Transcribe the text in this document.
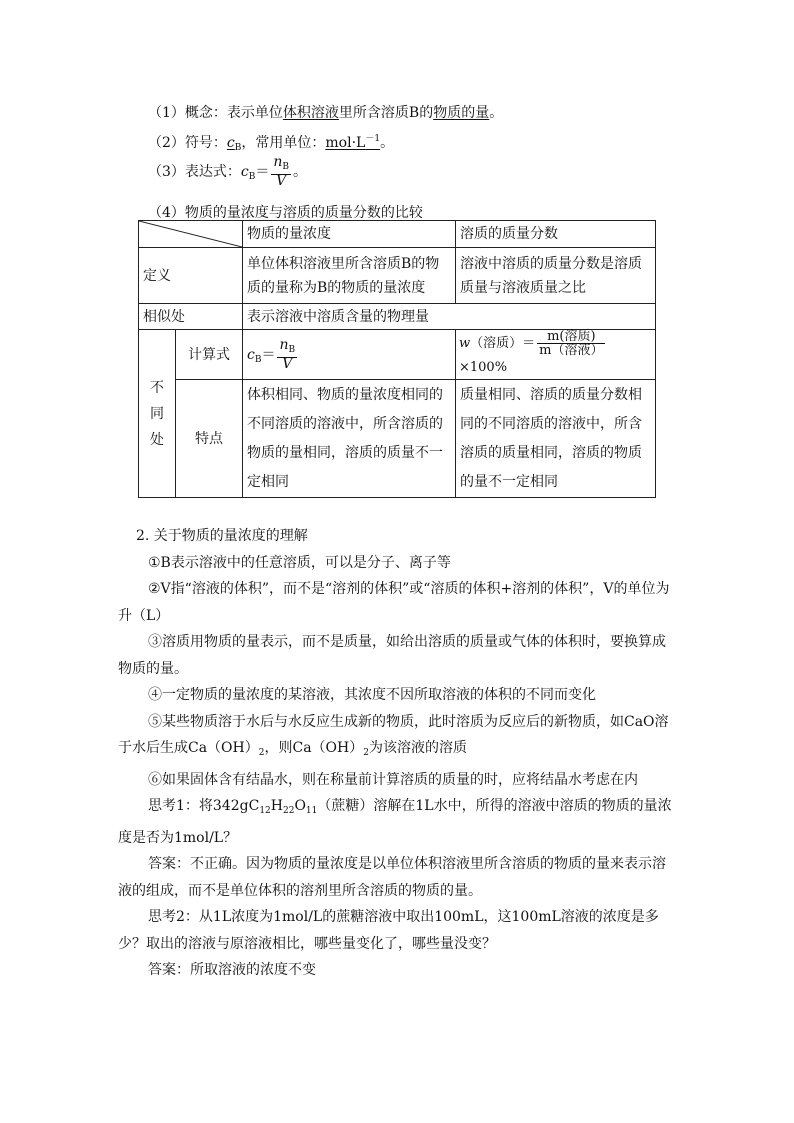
（1）概念：表示单位体积溶液里所含溶质B的物质的量。
（2）符号：$c_B$，常用单位：$mol\cdot L^{-1}$。
（3）表达式：$c_B= \frac{n_B}{V}$ 。
（4）物质的量浓度与溶质的质量分数的比较
	物质的量浓度	溶质的质量分数
定义		单位体积溶液里所含溶质B的物质的量称为B的物质的量浓度	溶液中溶质的质量分数是溶质质量与溶液质量之比
相似处		表示溶液中溶质含量的物理量	
不同处	计算式	$c_B= \frac{n_B}{V}$	w（溶质）＝ $\frac{\text{m(溶质)}}{\text{m（溶液）}}$
×100%
	特点	体积相同、物质的量浓度相同的不同溶质的溶液中，所含溶质的物质的量相同，溶质的质量不一定相同	质量相同、溶质的质量分数相同的不同溶质的溶液中，所含溶质的质量相同，溶质的物质的量不一定相同

2. 关于物质的量浓度的理解

①B表示溶液中的任意溶质，可以是分子、离子等

②V指“溶液的体积”，而不是“溶剂的体积”或“溶质的体积+溶剂的体积”，V的单位为升（L）

③溶质用物质的量表示，而不是质量，如给出溶质的质量或气体的体积时，要换算成物质的量。

④一定物质的量浓度的某溶液，其浓度不因所取溶液的体积的不同而变化

⑤某些物质溶于水后与水反应生成新的物质，此时溶质为反应后的新物质，如CaO溶于水后生成$Ca(OH)_2$，则$Ca(OH)_2$为该溶液的溶质

⑥如果固体含有结晶水，则在称量前计算溶质的质量的时，应将结晶水考虑在内

思考1：将$342gC_{12}H_{22}O_{11}$（蔗糖）溶解在1L水中，所得的溶液中溶质的物质的量浓度是否为1mol/L？

答案：不正确。因为物质的量浓度是以单位体积溶液里所含溶质的物质的量来表示溶液的组成，而不是单位体积的溶剂里所含溶质的物质的量。

思考2：从1L浓度为1mol/L的蔗糖溶液中取出100mL，这100mL溶液的浓度是多少？取出的溶液与原溶液相比，哪些量变化了，哪些量没变？

答案：所取溶液的浓度不变
